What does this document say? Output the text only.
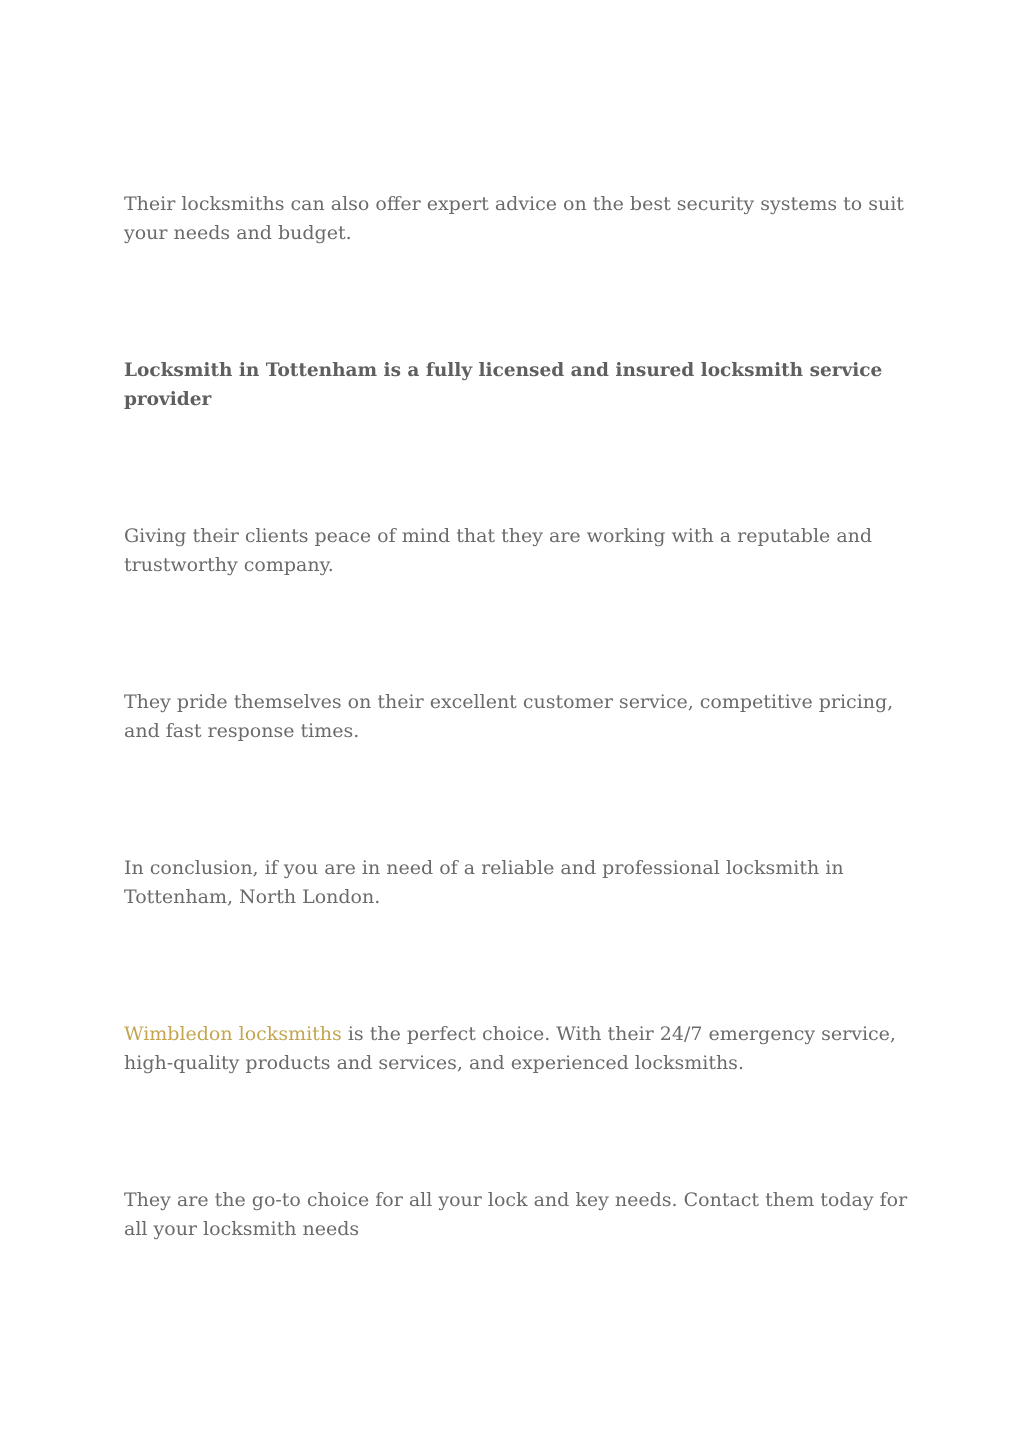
Their locksmiths can also offer expert advice on the best security systems to suit your needs and budget.

Locksmith in Tottenham is a fully licensed and insured locksmith service provider

Giving their clients peace of mind that they are working with a reputable and trustworthy company.

They pride themselves on their excellent customer service, competitive pricing, and fast response times.

In conclusion, if you are in need of a reliable and professional locksmith in Tottenham, North London.

Wimbledon locksmiths is the perfect choice. With their 24/7 emergency service, high-quality products and services, and experienced locksmiths.

They are the go-to choice for all your lock and key needs. Contact them today for all your locksmith needs
